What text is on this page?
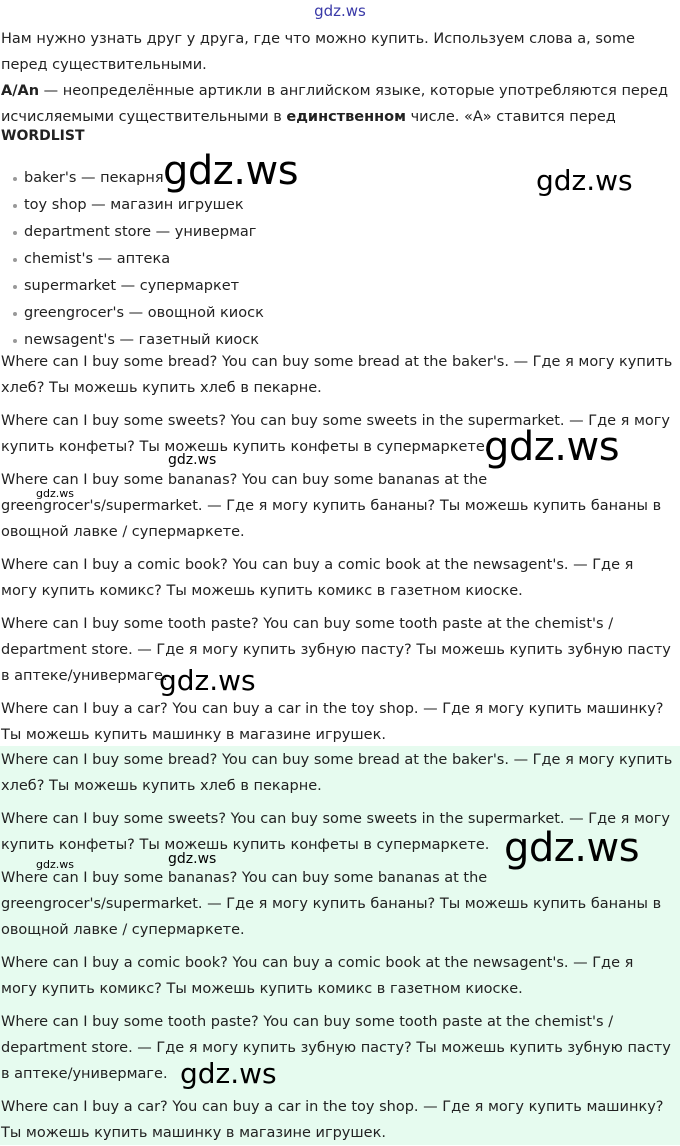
gdz.ws

Нам нужно узнать друг у друга, где что можно купить. Используем слова a, some перед существительными.

A/An — неопределённые артикли в английском языке, которые употребляются перед исчисляемыми существительными в единственном числе. «A» ставится перед

WORDLIST
baker's — пекарня
toy shop — магазин игрушек
department store — универмаг
chemist's — аптека
supermarket — супермаркет
greengrocer's — овощной киоск
newsagent's — газетный киоск

Where can I buy some bread? You can buy some bread at the baker's. — Где я могу купить хлеб? Ты можешь купить хлеб в пекарне.

Where can I buy some sweets? You can buy some sweets in the supermarket. — Где я могу купить конфеты? Ты можешь купить конфеты в супермаркете.

Where can I buy some bananas? You can buy some bananas at the greengrocer's/supermarket. — Где я могу купить бананы? Ты можешь купить бананы в овощной лавке / супермаркете.

Where can I buy a comic book? You can buy a comic book at the newsagent's. — Где я могу купить комикс? Ты можешь купить комикс в газетном киоске.

Where can I buy some tooth paste? You can buy some tooth paste at the chemist's / department store. — Где я могу купить зубную пасту? Ты можешь купить зубную пасту в аптеке/универмаге.

Where can I buy a car? You can buy a car in the toy shop. — Где я могу купить машинку? Ты можешь купить машинку в магазине игрушек.

Where can I buy some bread? You can buy some bread at the baker's. — Где я могу купить хлеб? Ты можешь купить хлеб в пекарне.

Where can I buy some sweets? You can buy some sweets in the supermarket. — Где я могу купить конфеты? Ты можешь купить конфеты в супермаркете.

Where can I buy some bananas? You can buy some bananas at the greengrocer's/supermarket. — Где я могу купить бананы? Ты можешь купить бананы в овощной лавке / супермаркете.

Where can I buy a comic book? You can buy a comic book at the newsagent's. — Где я могу купить комикс? Ты можешь купить комикс в газетном киоске.

Where can I buy some tooth paste? You can buy some tooth paste at the chemist's / department store. — Где я могу купить зубную пасту? Ты можешь купить зубную пасту в аптеке/универмаге.

Where can I buy a car? You can buy a car in the toy shop. — Где я могу купить машинку? Ты можешь купить машинку в магазине игрушек.

gdz.ws	gdz.ws
gdz.ws
gdz.ws
gdz.ws
gdz.ws
gdz.ws
gdz.ws
gdz.ws
gdz.ws
